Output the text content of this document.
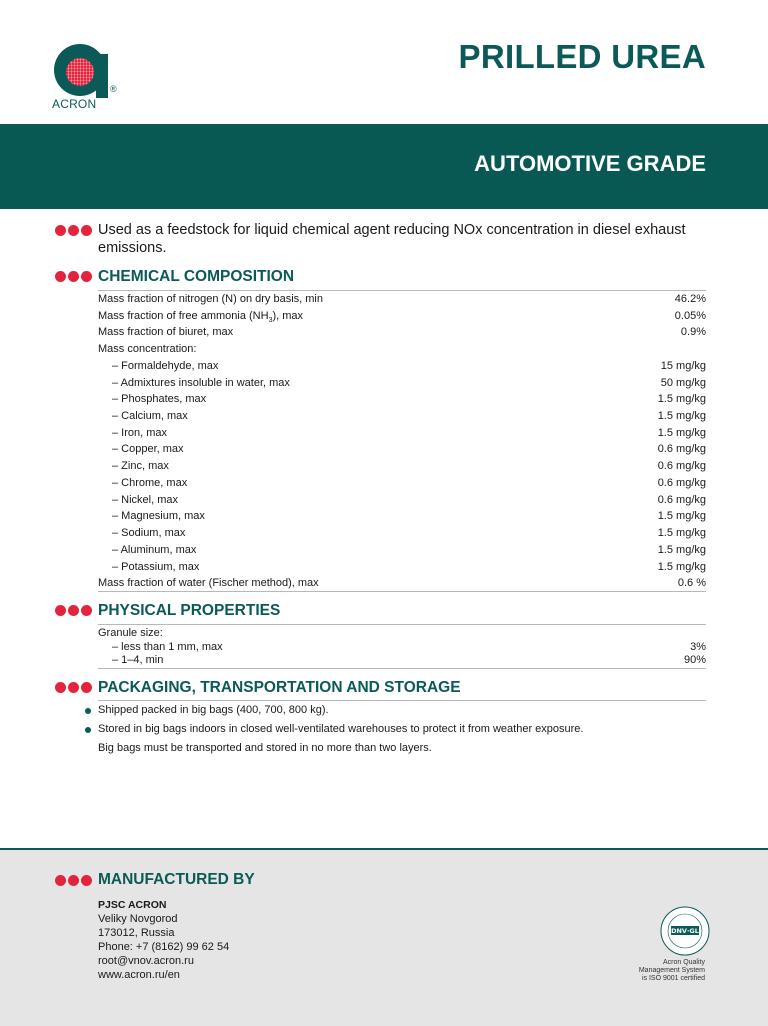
ACRON
®
PRILLED UREA
AUTOMOTIVE GRADE
Used as a feedstock for liquid chemical agent reducing NOx concentration in diesel exhaust emissions.
CHEMICAL COMPOSITION
Mass fraction of nitrogen (N) on dry basis, min	46.2%
Mass fraction of free ammonia $(NH_3)$, max	0.05%
Mass fraction of biuret, max	0.9%
Mass concentration:
– Formaldehyde, max	15 mg/kg
– Admixtures insoluble in water, max	50 mg/kg
– Phosphates, max	1.5 mg/kg
– Calcium, max	1.5 mg/kg
– Iron, max	1.5 mg/kg
– Copper, max	0.6 mg/kg
– Zinc, max	0.6 mg/kg
– Chrome, max	0.6 mg/kg
– Nickel, max	0.6 mg/kg
– Magnesium, max	1.5 mg/kg
– Sodium, max	1.5 mg/kg
– Aluminum, max	1.5 mg/kg
– Potassium, max	1.5 mg/kg
Mass fraction of water (Fischer method), max	0.6 %
PHYSICAL PROPERTIES
Granule size:
– less than 1 mm, max	3%
– 1–4, min	90%
PACKAGING, TRANSPORTATION AND STORAGE
Shipped packed in big bags (400, 700, 800 kg).
Stored in big bags indoors in closed well-ventilated warehouses to protect it from weather exposure.
Big bags must be transported and stored in no more than two layers.
MANUFACTURED BY
PJSC ACRON
Veliky Novgorod
173012, Russia
Phone: +7 (8162) 99 62 54
root@vnov.acron.ru
www.acron.ru/en
DNV·GL
Acron Quality
Management System
is ISO 9001 certified
